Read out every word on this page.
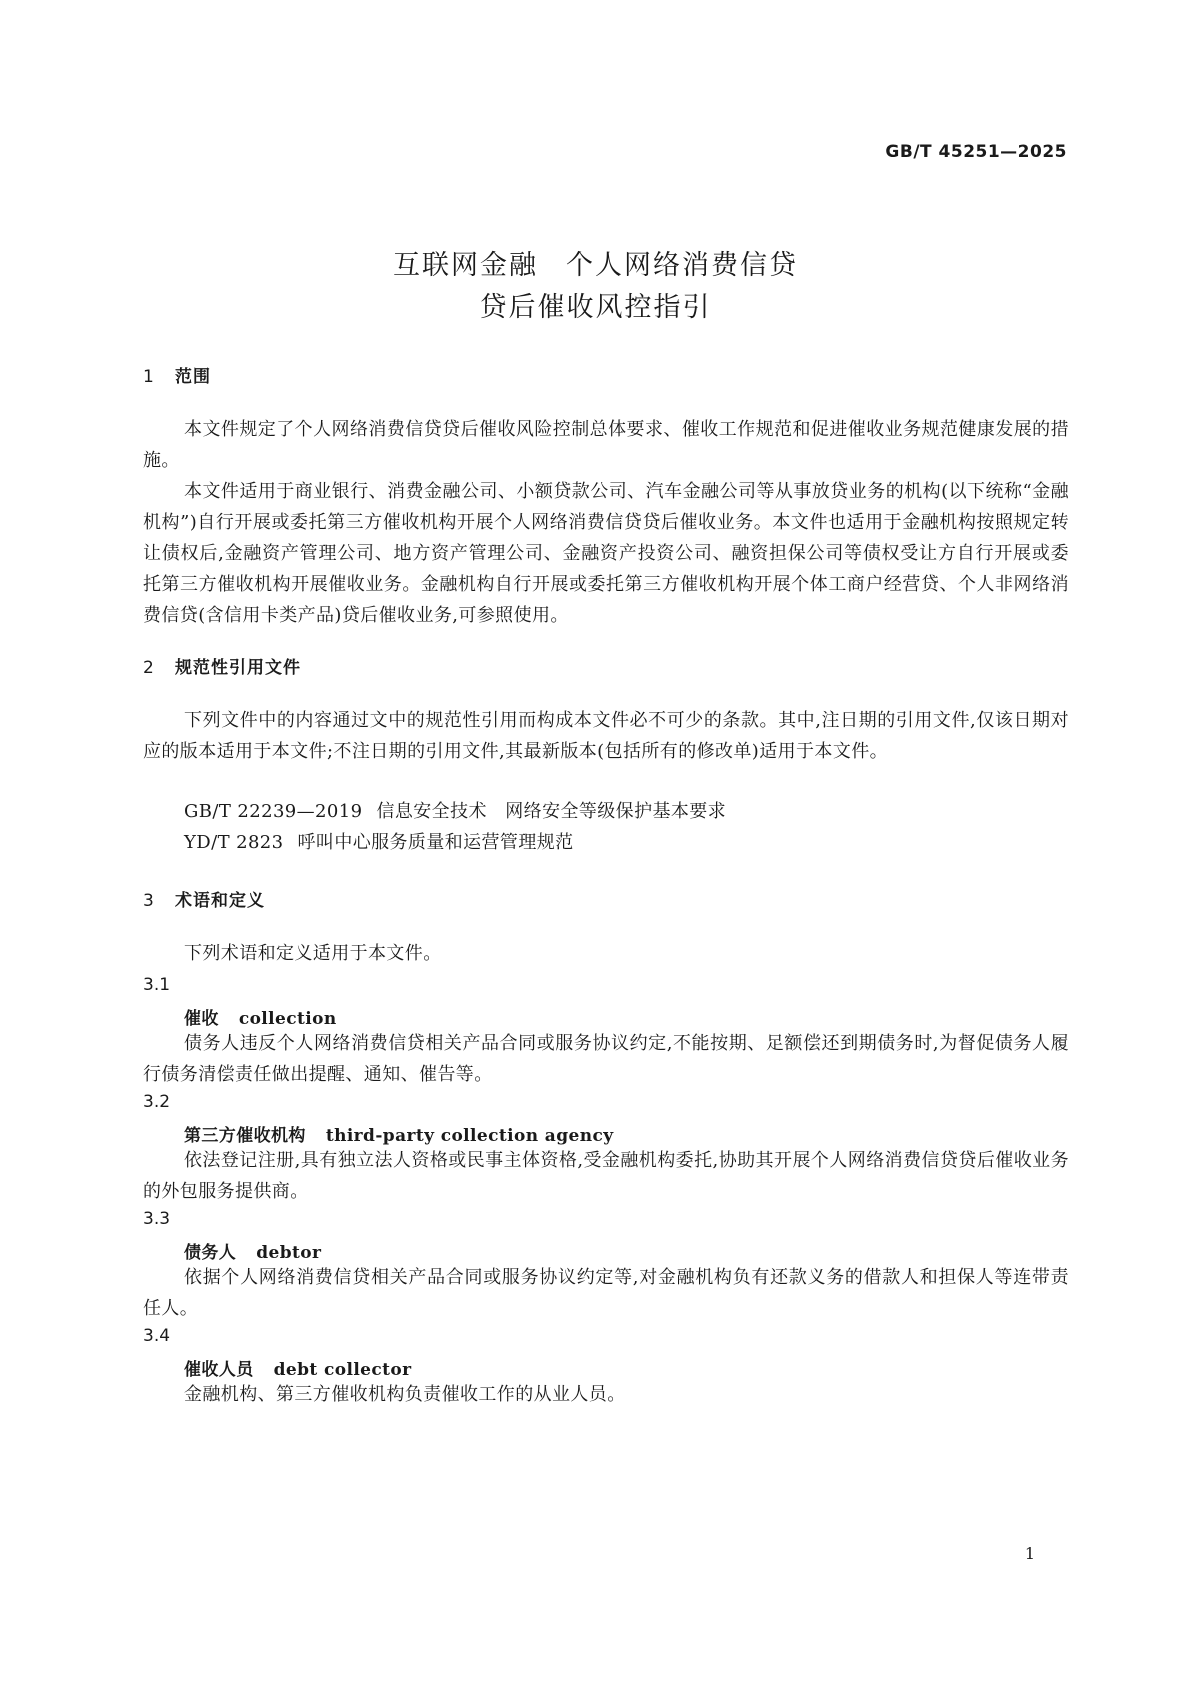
GB/T 45251—2025
互联网金融 个人网络消费信贷
贷后催收风控指引
1 范围

本文件规定了个人网络消费信贷贷后催收风险控制总体要求、催收工作规范和促进催收业务规范健康发展的措施。

本文件适用于商业银行、消费金融公司、小额贷款公司、汽车金融公司等从事放贷业务的机构(以下统称“金融机构”)自行开展或委托第三方催收机构开展个人网络消费信贷贷后催收业务。本文件也适用于金融机构按照规定转让债权后,金融资产管理公司、地方资产管理公司、金融资产投资公司、融资担保公司等债权受让方自行开展或委托第三方催收机构开展催收业务。金融机构自行开展或委托第三方催收机构开展个体工商户经营贷、个人非网络消费信贷(含信用卡类产品)贷后催收业务,可参照使用。

2 规范性引用文件

下列文件中的内容通过文中的规范性引用而构成本文件必不可少的条款。其中,注日期的引用文件,仅该日期对应的版本适用于本文件;不注日期的引用文件,其最新版本(包括所有的修改单)适用于本文件。

GB/T 22239—2019 信息安全技术　网络安全等级保护基本要求
YD/T 2823 呼叫中心服务质量和运营管理规范
3 术语和定义

下列术语和定义适用于本文件。

3.1
催收 collection

债务人违反个人网络消费信贷相关产品合同或服务协议约定,不能按期、足额偿还到期债务时,为督促债务人履行债务清偿责任做出提醒、通知、催告等。

3.2
第三方催收机构 third-party collection agency

依法登记注册,具有独立法人资格或民事主体资格,受金融机构委托,协助其开展个人网络消费信贷贷后催收业务的外包服务提供商。

3.3
债务人 debtor

依据个人网络消费信贷相关产品合同或服务协议约定等,对金融机构负有还款义务的借款人和担保人等连带责任人。

3.4
催收人员 debt collector

金融机构、第三方催收机构负责催收工作的从业人员。

1
